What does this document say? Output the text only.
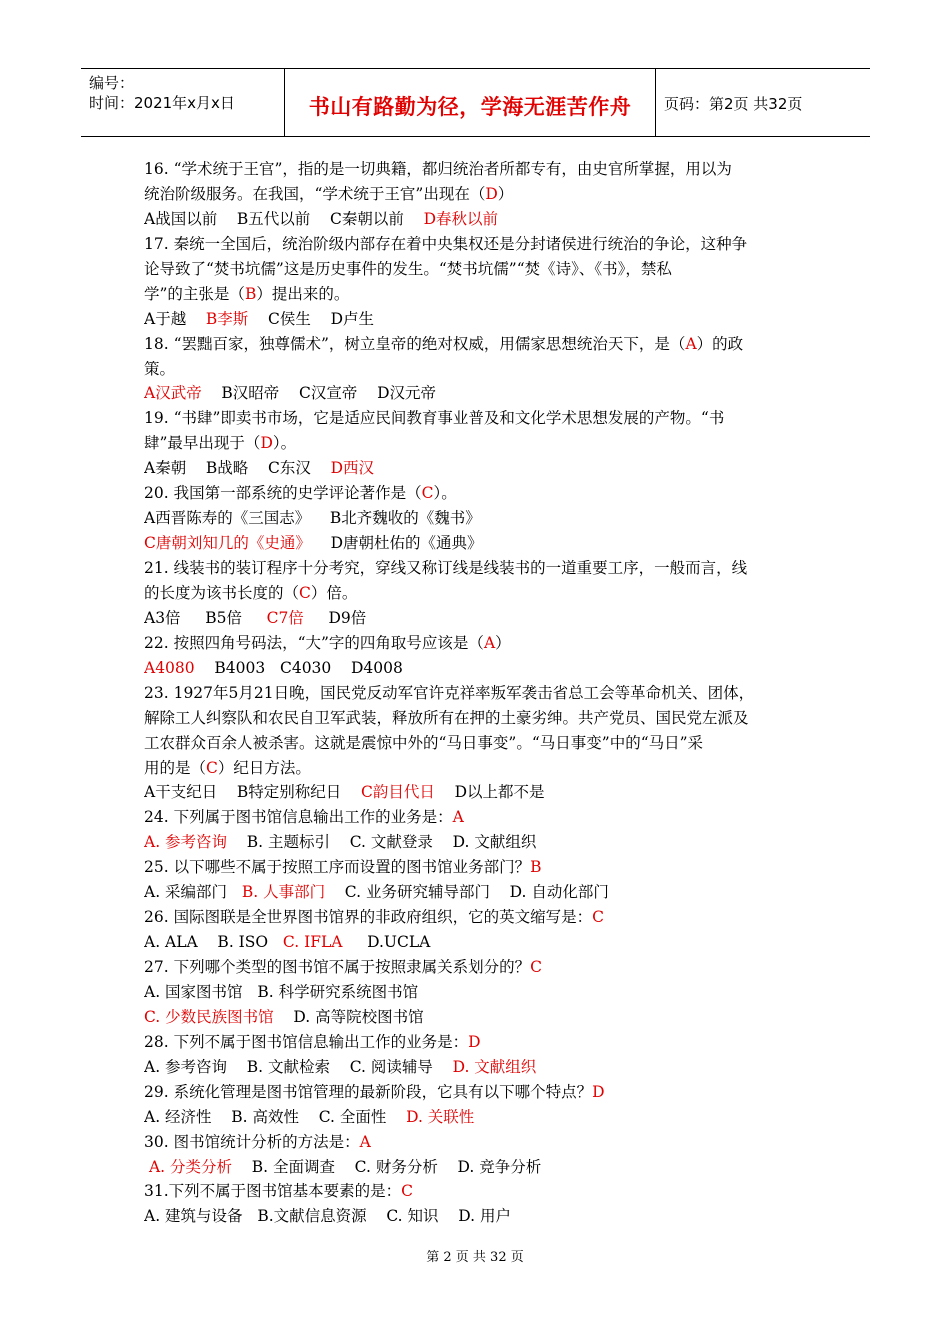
编号：
时间：2021年x月x日	书山有路勤为径，学海无涯苦作舟	页码：第2页 共32页
16. “学术统于王官”，指的是一切典籍，都归统治者所都专有，由史官所掌握，用以为
统治阶级服务。在我国，“学术统于王官”出现在（D）
A战国以前    B五代以前    C秦朝以前    D春秋以前
17. 秦统一全国后，统治阶级内部存在着中央集权还是分封诸侯进行统治的争论，这种争
论导致了“焚书坑儒”这是历史事件的发生。“焚书坑儒”“焚《诗》、《书》，禁私
学”的主张是（B）提出来的。
A于越    B李斯    C侯生    D卢生
18. “罢黜百家，独尊儒术”，树立皇帝的绝对权威，用儒家思想统治天下，是（A）的政
策。
A汉武帝    B汉昭帝    C汉宣帝    D汉元帝
19. “书肆”即卖书市场，它是适应民间教育事业普及和文化学术思想发展的产物。“书
肆”最早出现于（D）。
A秦朝    B战略    C东汉    D西汉
20. 我国第一部系统的史学评论著作是（C）。
A西晋陈寿的《三国志》    B北齐魏收的《魏书》
C唐朝刘知几的《史通》    D唐朝杜佑的《通典》
21. 线装书的装订程序十分考究，穿线又称订线是线装书的一道重要工序，一般而言，线
的长度为该书长度的（C）倍。
A3倍     B5倍     C7倍     D9倍
22. 按照四角号码法，“大”字的四角取号应该是（A）
A4080    B4003   C4030    D4008
23. 1927年5月21日晚，国民党反动军官许克祥率叛军袭击省总工会等革命机关、团体，
解除工人纠察队和农民自卫军武装，释放所有在押的土豪劣绅。共产党员、国民党左派及
工农群众百余人被杀害。这就是震惊中外的“马日事变”。“马日事变”中的“马日”采
用的是（C）纪日方法。
A干支纪日    B特定别称纪日    C韵目代日    D以上都不是
24. 下列属于图书馆信息输出工作的业务是：A
A. 参考咨询    B. 主题标引    C. 文献登录    D. 文献组织
25. 以下哪些不属于按照工序而设置的图书馆业务部门？B
A. 采编部门   B. 人事部门    C. 业务研究辅导部门    D. 自动化部门
26. 国际图联是全世界图书馆界的非政府组织，它的英文缩写是：C
A. ALA    B. ISO   C. IFLA     D.UCLA
27. 下列哪个类型的图书馆不属于按照隶属关系划分的？C
A. 国家图书馆   B. 科学研究系统图书馆
C. 少数民族图书馆    D. 高等院校图书馆
28. 下列不属于图书馆信息输出工作的业务是：D
A. 参考咨询    B. 文献检索    C. 阅读辅导    D. 文献组织
29. 系统化管理是图书馆管理的最新阶段，它具有以下哪个特点？D
A. 经济性    B. 高效性    C. 全面性    D. 关联性
30. 图书馆统计分析的方法是：A
A. 分类分析    B. 全面调查    C. 财务分析    D. 竞争分析
31.下列不属于图书馆基本要素的是：C
A. 建筑与设备   B.文献信息资源    C. 知识    D. 用户
第 2 页 共 32 页
